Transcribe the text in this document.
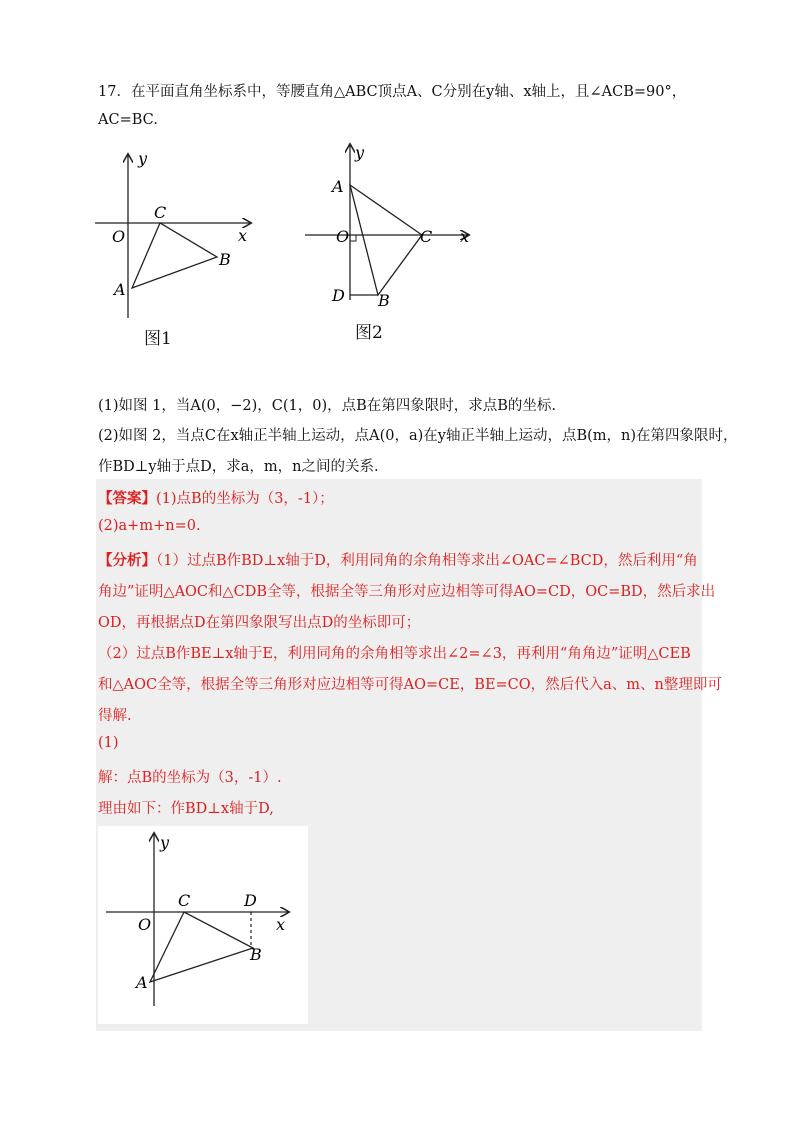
17．在平面直角坐标系中，等腰直角△ABC顶点A、C分别在y轴、x轴上，且∠ACB=90°，
AC=BC.
y
x
O
C
B
A
图1
y
x
A
O	C
D B
图2
(1)如图 1，当A(0，−2)，C(1，0)，点B在第四象限时，求点B的坐标.
(2)如图 2，当点C在x轴正半轴上运动，点A(0，a)在y轴正半轴上运动，点B(m，n)在第四象限时，
作BD⊥y轴于点D，求a，m，n之间的关系.
【答案】(1)点B的坐标为（3，-1）；
(2)a+m+n=0.
【分析】（1）过点B作BD⊥x轴于D，利用同角的余角相等求出∠OAC=∠BCD，然后利用“角
角边”证明△AOC和△CDB全等，根据全等三角形对应边相等可得AO=CD，OC=BD，然后求出
OD，再根据点D在第四象限写出点D的坐标即可；
（2）过点B作BE⊥x轴于E，利用同角的余角相等求出∠2=∠3，再利用“角角边”证明△CEB
和△AOC全等，根据全等三角形对应边相等可得AO=CE，BE=CO，然后代入a、m、n整理即可
得解.
(1)
解：点B的坐标为（3，-1）.
理由如下：作BD⊥x轴于D,
y
x
O
C	D
B
A
